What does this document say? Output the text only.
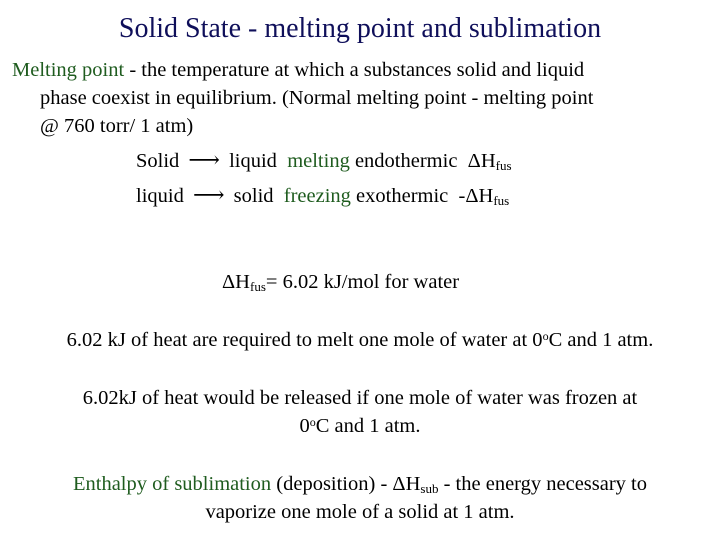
Solid State - melting point and sublimation
Melting point - the temperature at which a substances solid and liquid
phase coexist in equilibrium. (Normal melting point - melting point
@ 760 torr/ 1 atm)
Solid ⟶ liquid melting endothermic $\Delta H_{fus}$
liquid ⟶ solid freezing exothermic $-\Delta H_{fus}$
$\Delta H_{fus}= 6.02$ kJ/mol for water
6.02 kJ of heat are required to melt one mole of water at 0$^o$C and 1 atm.
6.02kJ of heat would be released if one mole of water was frozen at
0$^o$C and 1 atm.
Enthalpy of sublimation (deposition) - $\Delta H_{sub}$ - the energy necessary to
vaporize one mole of a solid at 1 atm.
